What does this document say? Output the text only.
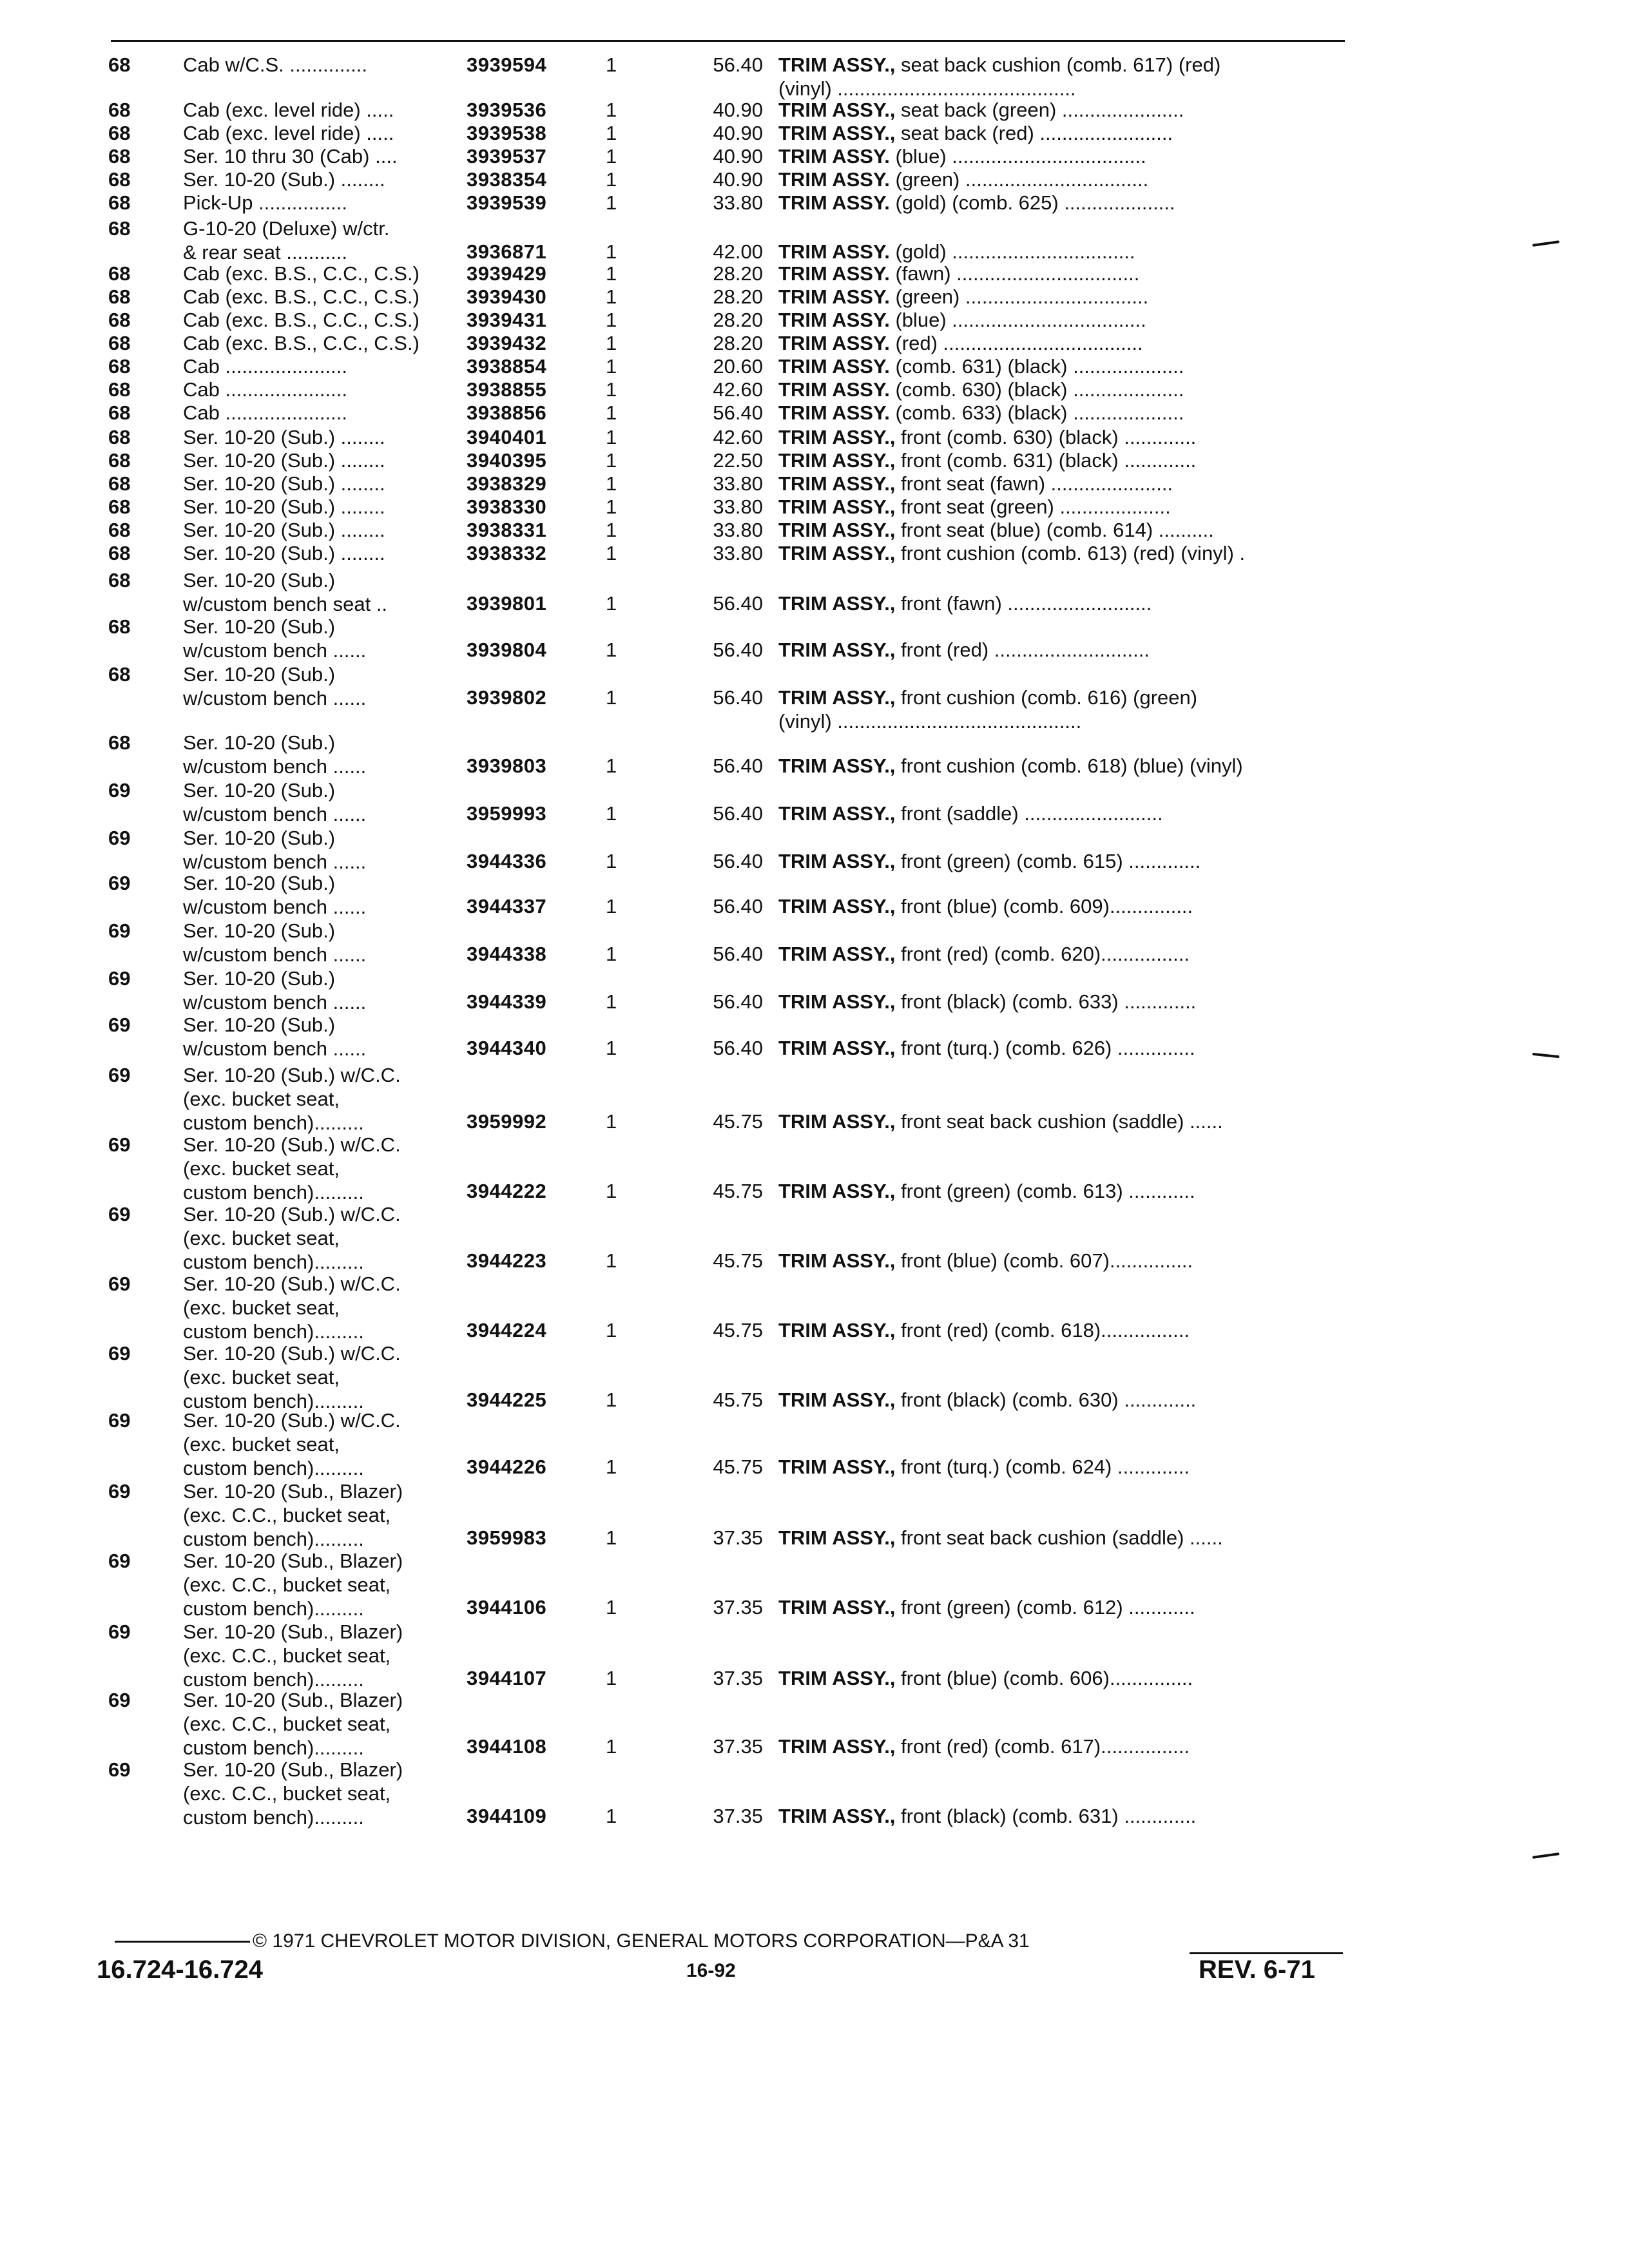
68	Cab w/C.S. ..............	3939594	1	56.40 TRIM ASSY., seat back cushion (comb. 617) (red)
(vinyl) ...........................................
68	Cab (exc. level ride) .....	3939536	1	40.90 TRIM ASSY., seat back (green) ......................
68	Cab (exc. level ride) .....	3939538	1	40.90 TRIM ASSY., seat back (red) ........................
68	Ser. 10 thru 30 (Cab) ....	3939537	1	40.90 TRIM ASSY. (blue) ...................................
68	Ser. 10-20 (Sub.) ........	3938354	1	40.90 TRIM ASSY. (green) .................................
68	Pick-Up ................	3939539	1	33.80 TRIM ASSY. (gold) (comb. 625) ....................
68	G-10-20 (Deluxe) w/ctr.
& rear seat ...........	3936871	1	42.00 TRIM ASSY. (gold) .................................
68	Cab (exc. B.S., C.C., C.S.)	3939429	1	28.20 TRIM ASSY. (fawn) .................................
68	Cab (exc. B.S., C.C., C.S.)	3939430	1	28.20 TRIM ASSY. (green) .................................
68	Cab (exc. B.S., C.C., C.S.)	3939431	1	28.20 TRIM ASSY. (blue) ...................................
68	Cab (exc. B.S., C.C., C.S.)	3939432	1	28.20 TRIM ASSY. (red) ....................................
68	Cab ......................	3938854	1	20.60 TRIM ASSY. (comb. 631) (black) ....................
68	Cab ......................	3938855	1	42.60 TRIM ASSY. (comb. 630) (black) ....................
68	Cab ......................	3938856	1	56.40 TRIM ASSY. (comb. 633) (black) ....................
68	Ser. 10-20 (Sub.) ........	3940401	1	42.60 TRIM ASSY., front (comb. 630) (black) .............
68	Ser. 10-20 (Sub.) ........	3940395	1	22.50 TRIM ASSY., front (comb. 631) (black) .............
68	Ser. 10-20 (Sub.) ........	3938329	1	33.80 TRIM ASSY., front seat (fawn) ......................
68	Ser. 10-20 (Sub.) ........	3938330	1	33.80 TRIM ASSY., front seat (green) ....................
68	Ser. 10-20 (Sub.) ........	3938331	1	33.80 TRIM ASSY., front seat (blue) (comb. 614) ..........
68	Ser. 10-20 (Sub.) ........	3938332	1	33.80 TRIM ASSY., front cushion (comb. 613) (red) (vinyl) .
68	Ser. 10-20 (Sub.)
w/custom bench seat ..	3939801	1	56.40 TRIM ASSY., front (fawn) ..........................
68	Ser. 10-20 (Sub.)
w/custom bench ......	3939804	1	56.40 TRIM ASSY., front (red) ............................
68	Ser. 10-20 (Sub.)
w/custom bench ......	3939802	1	56.40 TRIM ASSY., front cushion (comb. 616) (green)
(vinyl) ............................................
68	Ser. 10-20 (Sub.)
w/custom bench ......	3939803	1	56.40 TRIM ASSY., front cushion (comb. 618) (blue) (vinyl)
69	Ser. 10-20 (Sub.)
w/custom bench ......	3959993	1	56.40 TRIM ASSY., front (saddle) .........................
69	Ser. 10-20 (Sub.)
w/custom bench ......	3944336	1	56.40 TRIM ASSY., front (green) (comb. 615) .............
69	Ser. 10-20 (Sub.)
w/custom bench ......	3944337	1	56.40 TRIM ASSY., front (blue) (comb. 609)...............
69	Ser. 10-20 (Sub.)
w/custom bench ......	3944338	1	56.40 TRIM ASSY., front (red) (comb. 620)................
69	Ser. 10-20 (Sub.)
w/custom bench ......	3944339	1	56.40 TRIM ASSY., front (black) (comb. 633) .............
69	Ser. 10-20 (Sub.)
w/custom bench ......	3944340	1	56.40 TRIM ASSY., front (turq.) (comb. 626) ..............
69	Ser. 10-20 (Sub.) w/C.C.
(exc. bucket seat,
custom bench).........	3959992	1	45.75 TRIM ASSY., front seat back cushion (saddle) ......
69	Ser. 10-20 (Sub.) w/C.C.
(exc. bucket seat,
custom bench).........	3944222	1	45.75 TRIM ASSY., front (green) (comb. 613) ............
69	Ser. 10-20 (Sub.) w/C.C.
(exc. bucket seat,
custom bench).........	3944223	1	45.75 TRIM ASSY., front (blue) (comb. 607)...............
69	Ser. 10-20 (Sub.) w/C.C.
(exc. bucket seat,
custom bench).........	3944224	1	45.75 TRIM ASSY., front (red) (comb. 618)................
69	Ser. 10-20 (Sub.) w/C.C.
(exc. bucket seat,
custom bench).........	3944225	1	45.75 TRIM ASSY., front (black) (comb. 630) .............
69	Ser. 10-20 (Sub.) w/C.C.
(exc. bucket seat,
custom bench).........	3944226	1	45.75 TRIM ASSY., front (turq.) (comb. 624) .............
69	Ser. 10-20 (Sub., Blazer)
(exc. C.C., bucket seat,
custom bench).........	3959983	1	37.35 TRIM ASSY., front seat back cushion (saddle) ......
69	Ser. 10-20 (Sub., Blazer)
(exc. C.C., bucket seat,
custom bench).........	3944106	1	37.35 TRIM ASSY., front (green) (comb. 612) ............
69	Ser. 10-20 (Sub., Blazer)
(exc. C.C., bucket seat,
custom bench).........	3944107	1	37.35 TRIM ASSY., front (blue) (comb. 606)...............
69	Ser. 10-20 (Sub., Blazer)
(exc. C.C., bucket seat,
custom bench).........	3944108	1	37.35 TRIM ASSY., front (red) (comb. 617)................
69	Ser. 10-20 (Sub., Blazer)
(exc. C.C., bucket seat,
custom bench).........	3944109	1	37.35 TRIM ASSY., front (black) (comb. 631) .............
© 1971 CHEVROLET MOTOR DIVISION, GENERAL MOTORS CORPORATION—P&A 31
16.724-16.724	16-92	REV. 6-71
